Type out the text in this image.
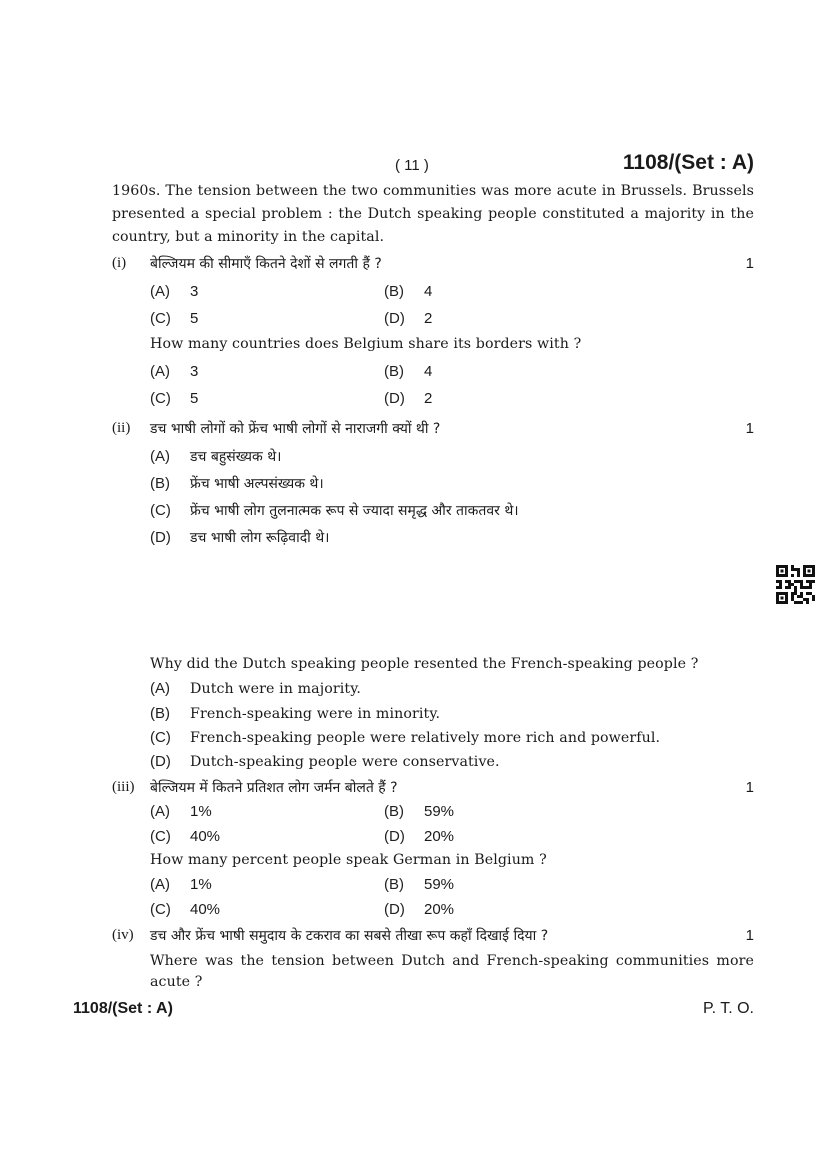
( 11 )	1108/(Set : A)
1960s. The tension between the two communities was more acute in Brussels. Brussels presented a special problem : the Dutch speaking people constituted a majority in the country, but a minority in the capital.
(i) बेल्जियम की सीमाएँ कितने देशों से लगती हैं ?	1
(A)	3	(B)	4
(C)	5	(D)	2
How many countries does Belgium share its borders with ?
(A)	3	(B)	4
(C)	5	(D)	2
(ii) डच भाषी लोगों को फ्रेंच भाषी लोगों से नाराजगी क्यों थी ?	1
(A)	डच बहुसंख्यक थे।
(B)	फ्रेंच भाषी अल्पसंख्यक थे।
(C)	फ्रेंच भाषी लोग तुलनात्मक रूप से ज्यादा समृद्ध और ताकतवर थे।
(D)	डच भाषी लोग रूढ़िवादी थे।
Why did the Dutch speaking people resented the French-speaking people ?
(A)	Dutch were in majority.
(B)	French-speaking were in minority.
(C)	French-speaking people were relatively more rich and powerful.
(D)	Dutch-speaking people were conservative.
(iii) बेल्जियम में कितने प्रतिशत लोग जर्मन बोलते हैं ?	1
(A)	1%	(B)	59%
(C)	40%	(D)	20%
How many percent people speak German in Belgium ?
(A)	1%	(B)	59%
(C)	40%	(D)	20%
(iv) डच और फ्रेंच भाषी समुदाय के टकराव का सबसे तीखा रूप कहाँ दिखाई दिया ?	1
Where was the tension between Dutch and French-speaking communities more acute ?
1108/(Set : A)	P. T. O.
